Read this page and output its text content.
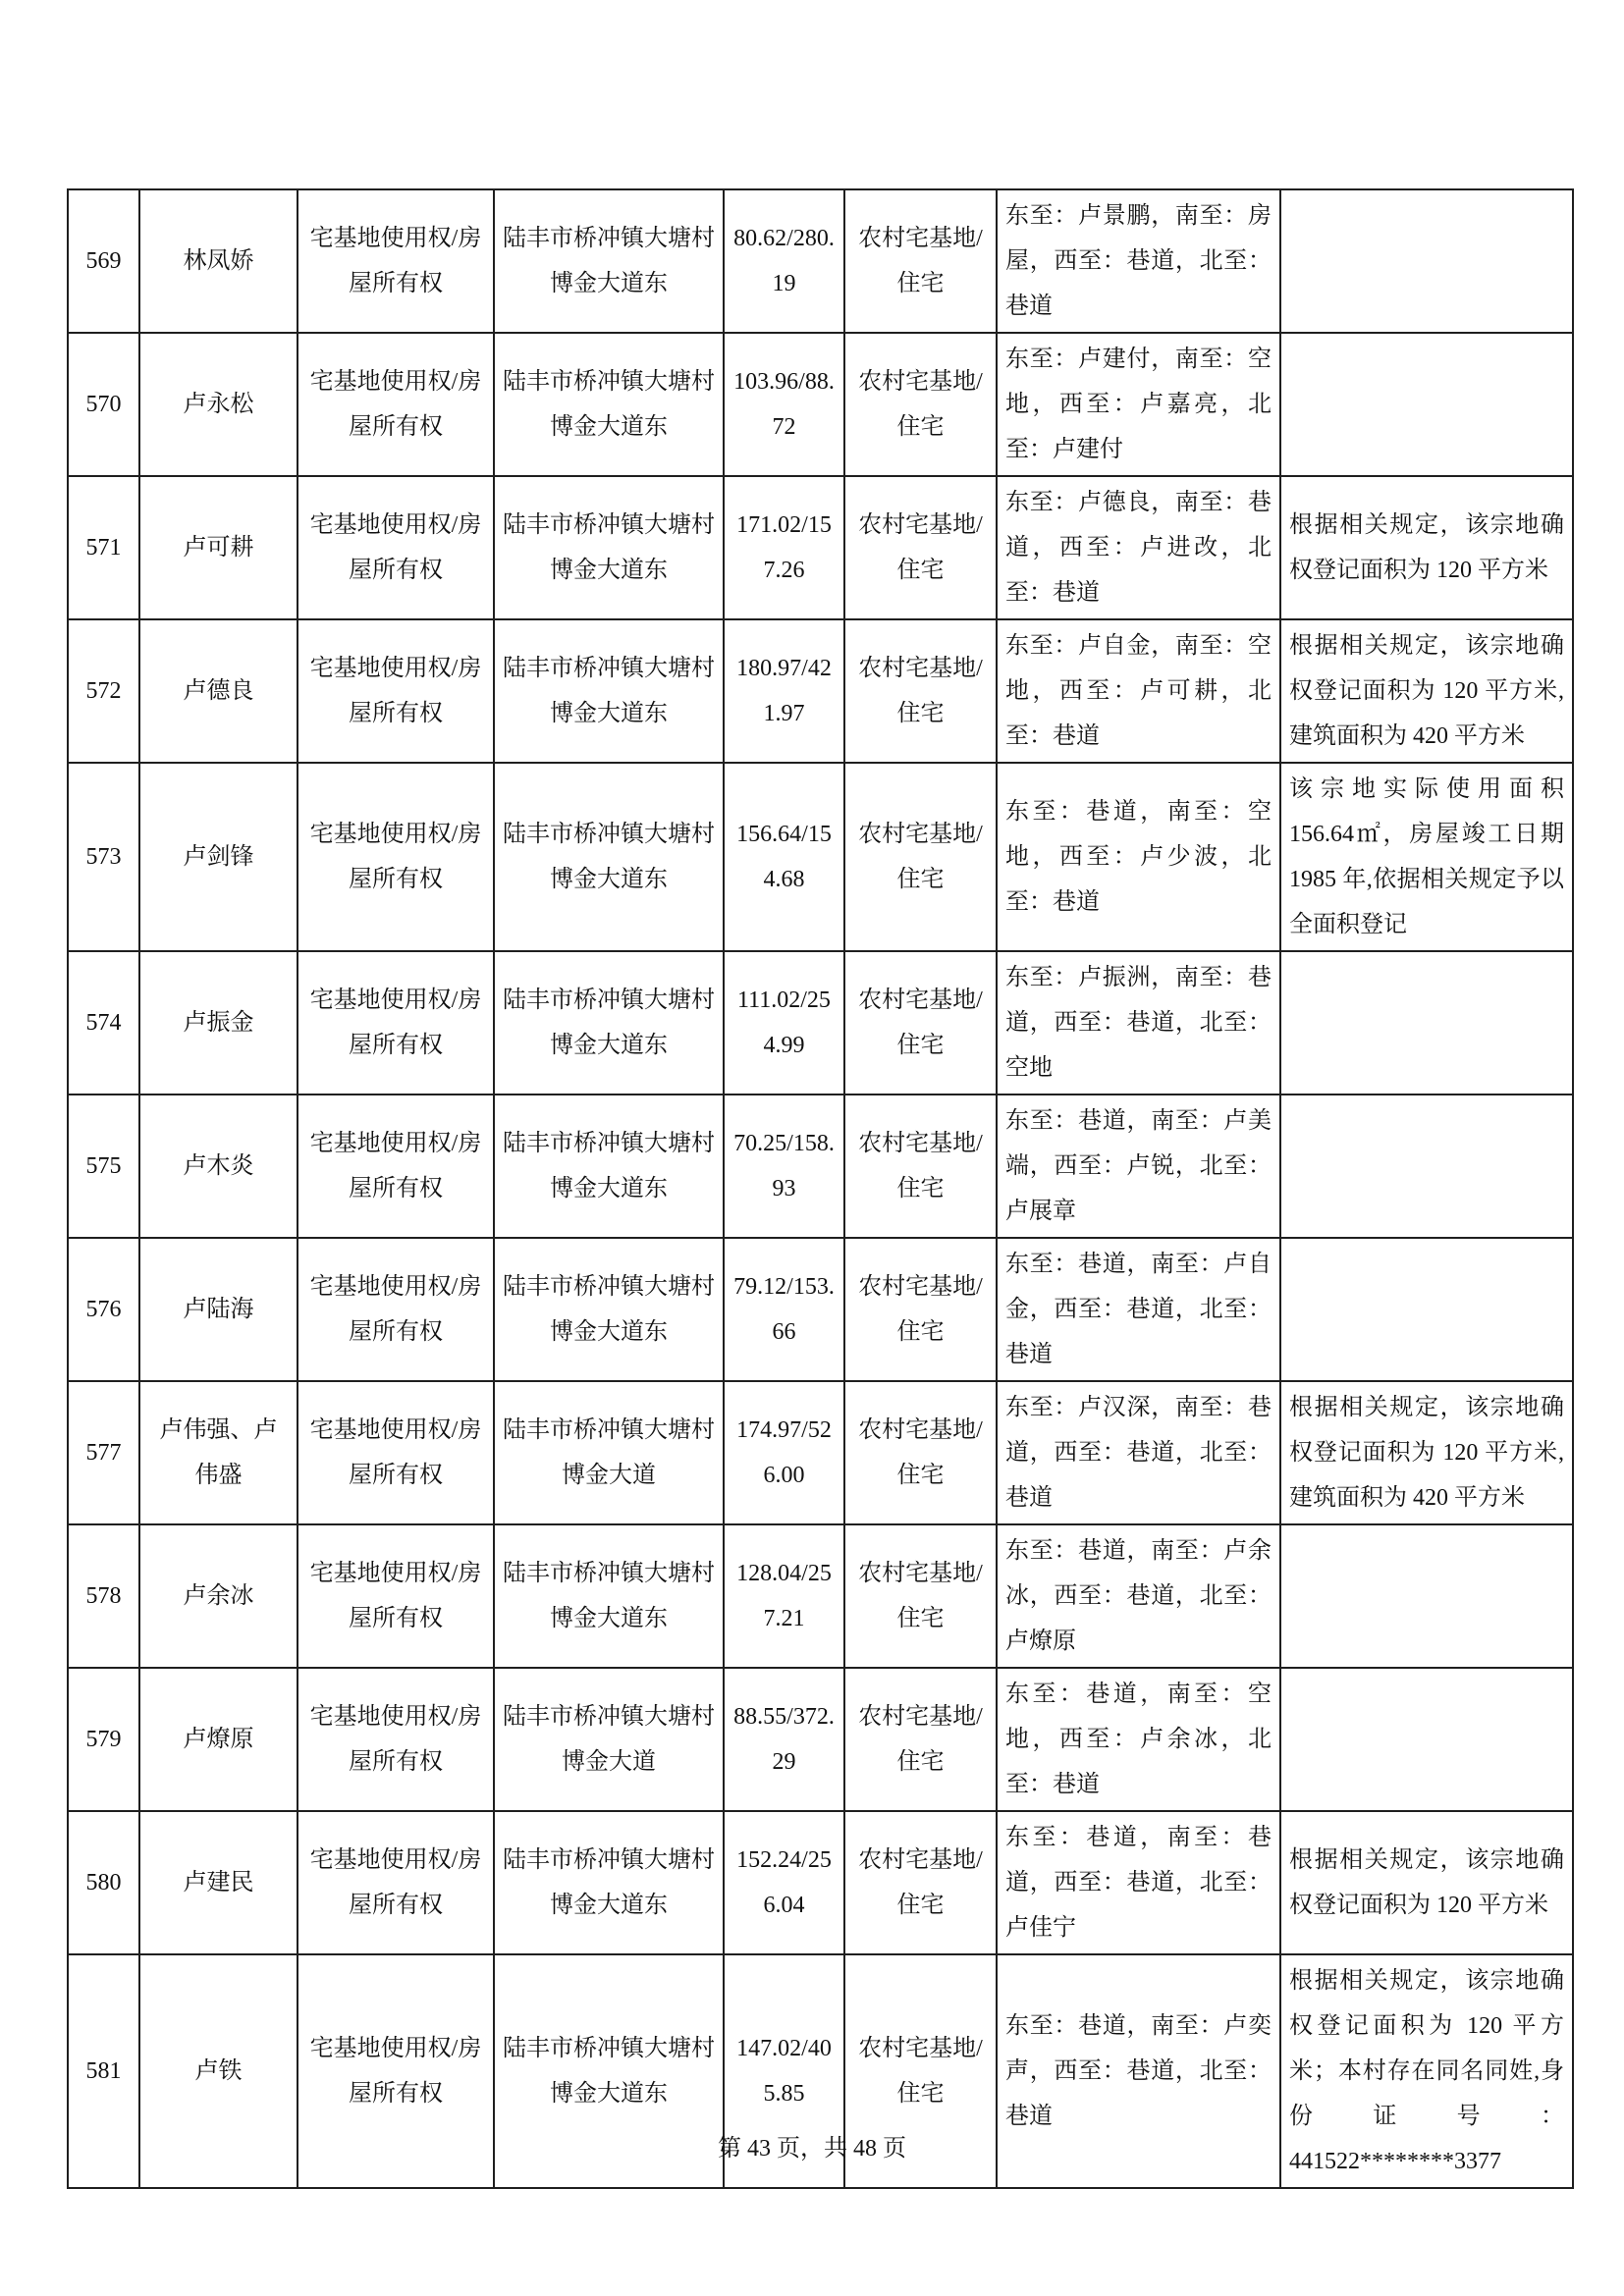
569	林凤娇	宅基地使用权/房屋所有权	陆丰市桥冲镇大塘村博金大道东	80.62/280.19	农村宅基地/住宅	东至：卢景鹏，南至：房屋，西至：巷道，北至：巷道	
570	卢永松	宅基地使用权/房屋所有权	陆丰市桥冲镇大塘村博金大道东	103.96/88.72	农村宅基地/住宅	东至：卢建付，南至：空地，西至：卢嘉亮，北至：卢建付	
571	卢可耕	宅基地使用权/房屋所有权	陆丰市桥冲镇大塘村博金大道东	171.02/157.26	农村宅基地/住宅	东至：卢德良，南至：巷道，西至：卢进改，北至：巷道	根据相关规定，该宗地确权登记面积为 120 平方米
572	卢德良	宅基地使用权/房屋所有权	陆丰市桥冲镇大塘村博金大道东	180.97/421.97	农村宅基地/住宅	东至：卢自金，南至：空地，西至：卢可耕，北至：巷道	根据相关规定，该宗地确权登记面积为 120 平方米,建筑面积为 420 平方米
573	卢剑锋	宅基地使用权/房屋所有权	陆丰市桥冲镇大塘村博金大道东	156.64/154.68	农村宅基地/住宅	东至：巷道，南至：空地，西至：卢少波，北至：巷道	该宗地实际使用面积 156.64㎡，房屋竣工日期 1985 年,依据相关规定予以全面积登记
574	卢振金	宅基地使用权/房屋所有权	陆丰市桥冲镇大塘村博金大道东	111.02/254.99	农村宅基地/住宅	东至：卢振洲，南至：巷道，西至：巷道，北至：空地	
575	卢木炎	宅基地使用权/房屋所有权	陆丰市桥冲镇大塘村博金大道东	70.25/158.93	农村宅基地/住宅	东至：巷道，南至：卢美端，西至：卢锐，北至：卢展章	
576	卢陆海	宅基地使用权/房屋所有权	陆丰市桥冲镇大塘村博金大道东	79.12/153.66	农村宅基地/住宅	东至：巷道，南至：卢自金，西至：巷道，北至：巷道	
577	卢伟强、卢伟盛	宅基地使用权/房屋所有权	陆丰市桥冲镇大塘村博金大道	174.97/526.00	农村宅基地/住宅	东至：卢汉深，南至：巷道，西至：巷道，北至：巷道	根据相关规定，该宗地确权登记面积为 120 平方米,建筑面积为 420 平方米
578	卢余冰	宅基地使用权/房屋所有权	陆丰市桥冲镇大塘村博金大道东	128.04/257.21	农村宅基地/住宅	东至：巷道，南至：卢余冰，西至：巷道，北至：卢燎原	
579	卢燎原	宅基地使用权/房屋所有权	陆丰市桥冲镇大塘村博金大道	88.55/372.29	农村宅基地/住宅	东至：巷道，南至：空地，西至：卢余冰，北至：巷道	
580	卢建民	宅基地使用权/房屋所有权	陆丰市桥冲镇大塘村博金大道东	152.24/256.04	农村宅基地/住宅	东至：巷道，南至：巷道，西至：巷道，北至：卢佳宁	根据相关规定，该宗地确权登记面积为 120 平方米
581	卢铁	宅基地使用权/房屋所有权	陆丰市桥冲镇大塘村博金大道东	147.02/405.85	农村宅基地/住宅	东至：巷道，南至：卢奕声，西至：巷道，北至：巷道	根据相关规定，该宗地确权登记面积为 120 平方米；本村存在同名同姓,身份证号：441522********3377
第 43 页，共 48 页
